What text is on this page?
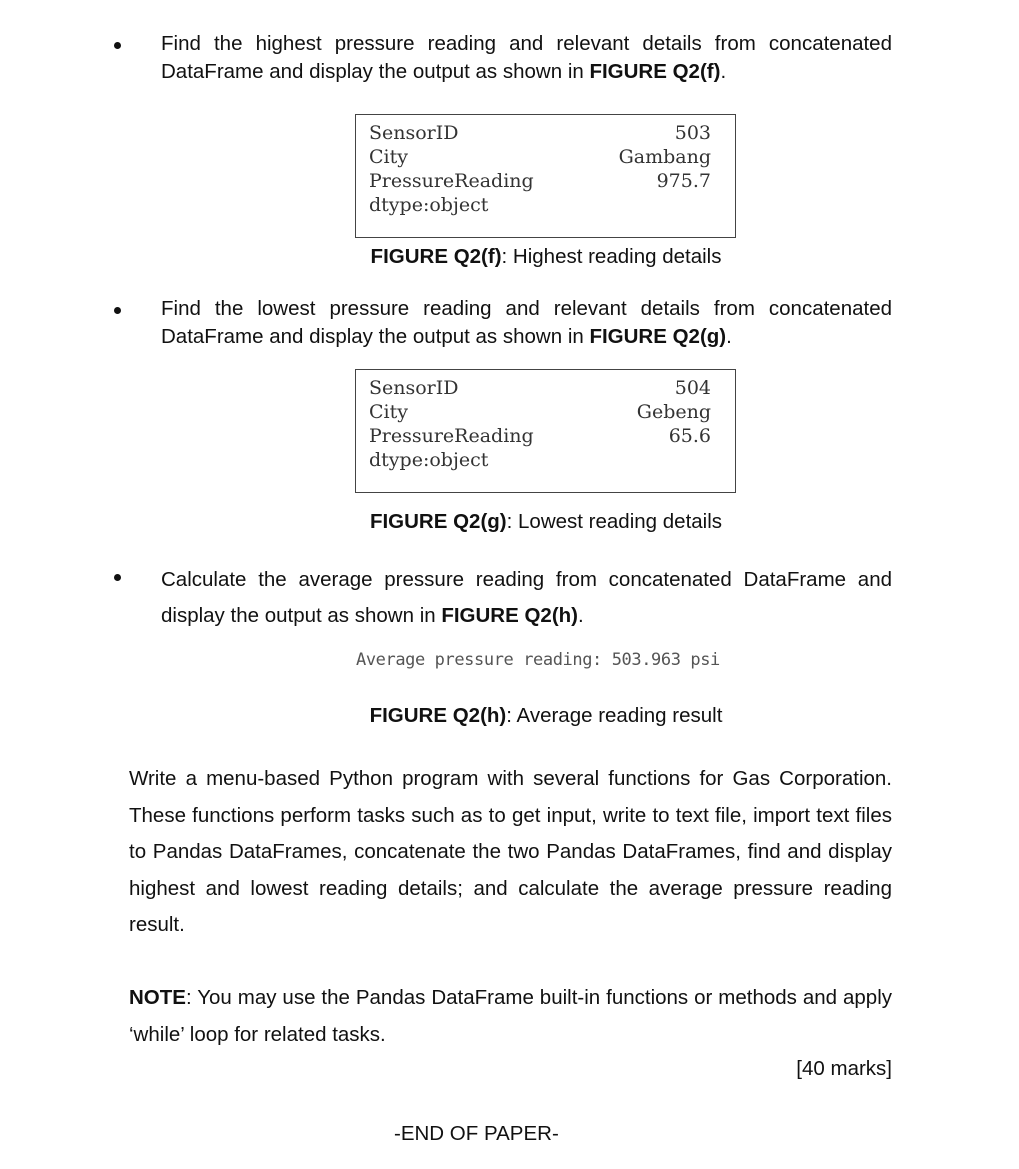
Find the highest pressure reading and relevant details from concatenated DataFrame and display the output as shown in FIGURE Q2(f).
SensorID	503
City	Gambang
PressureReading	975.7
dtype:object
FIGURE Q2(f): Highest reading details
Find the lowest pressure reading and relevant details from concatenated DataFrame and display the output as shown in FIGURE Q2(g).
SensorID	504
City	Gebeng
PressureReading	65.6
dtype:object
FIGURE Q2(g): Lowest reading details
Calculate the average pressure reading from concatenated DataFrame and display the output as shown in FIGURE Q2(h).
Average pressure reading: 503.963 psi
FIGURE Q2(h): Average reading result
Write a menu-based Python program with several functions for Gas Corporation. These functions perform tasks such as to get input, write to text file, import text files to Pandas DataFrames, concatenate the two Pandas DataFrames, find and display highest and lowest reading details; and calculate the average pressure reading result.
NOTE: You may use the Pandas DataFrame built-in functions or methods and apply ‘while’ loop for related tasks.
[40 marks]
-END OF PAPER-
